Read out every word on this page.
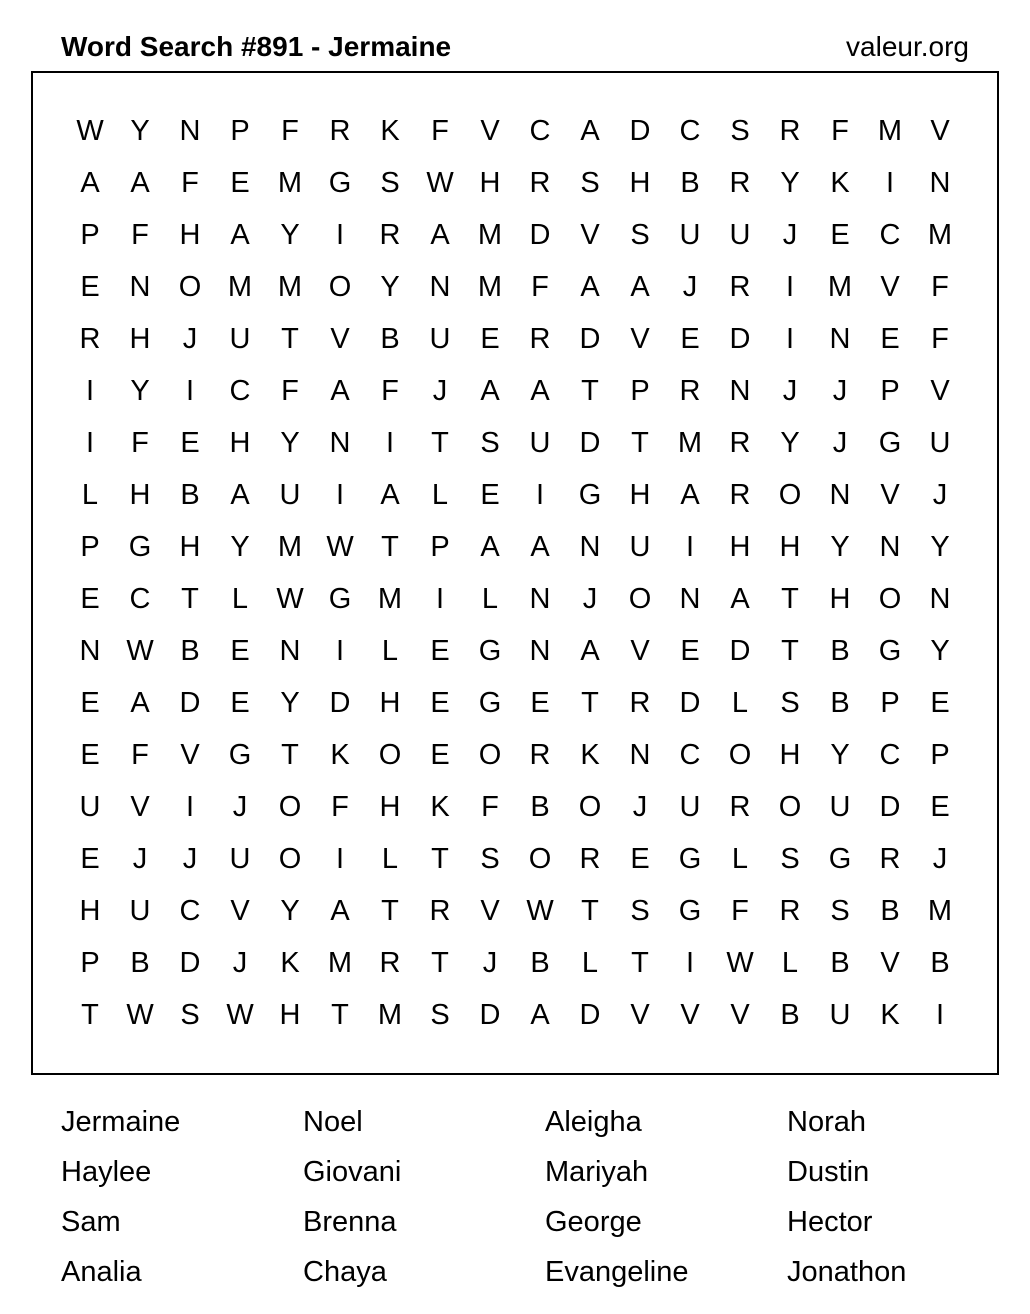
Word Search #891 - Jermaine	valeur.org
W Y	N	P	F	R	K	F	V	C	A	D	C	S	R	F	M V
A	A	F	E M G	S W H	R	S	H	B	R	Y	K	I	N
P	F	H	A	Y	I	R	A M D	V	S	U	U	J	E	C M
E	N O M M O	Y	N M	F	A	A	J	R	I	M V	F
R	H	J	U	T	V	B	U	E	R	D	V	E	D	I	N	E	F
I	Y	I	C	F	A	F	J	A	A	T	P	R	N	J	J	P	V
I	F	E	H	Y	N	I	T	S	U	D	T	M R	Y	J	G U
L	H	B	A	U	I	A	L	E	I	G H	A	R O N	V	J
P	G H	Y M W T	P	A	A	N	U	I	H	H	Y	N	Y
E	C	T	L W G M	I	L	N	J	O N	A	T	H O N
N W B	E	N	I	L	E	G N	A	V	E	D	T	B	G	Y
E	A	D	E	Y	D	H	E	G	E	T	R	D	L	S	B	P	E
E	F	V	G	T	K	O	E	O R	K	N	C O H	Y	C	P
U	V	I	J	O	F	H	K	F	B	O	J	U	R O U	D	E
E	J	J	U O	I	L	T	S	O R	E	G	L	S	G R	J
H	U	C	V	Y	A	T	R	V W T	S	G	F	R	S	B M
P	B	D	J	K M R	T	J	B	L	T	I	W L	B	V	B
T W S W H	T	M S	D	A	D	V	V	V	B	U	K	I
Jermaine	Noel	Aleigha	Norah
Haylee	Giovani	Mariyah	Dustin
Sam	Brenna	George	Hector
Analia	Chaya	Evangeline	Jonathon
